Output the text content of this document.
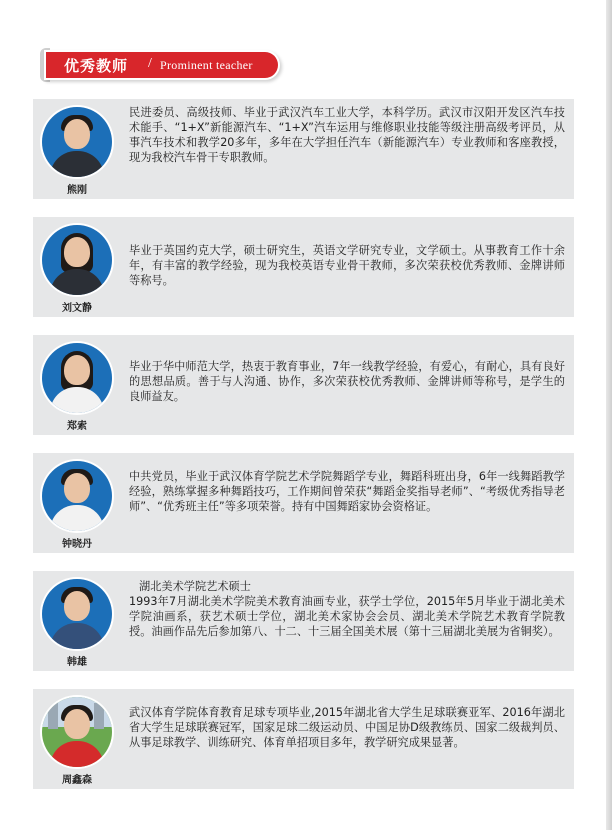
优秀教师 / Prominent teacher
熊刚
民进委员、高级技师、毕业于武汉汽车工业大学，本科学历。武汉市汉阳开发区汽车技术能手、“1+X”新能源汽车、“1+X”汽车运用与维修职业技能等级注册高级考评员，从事汽车技术和教学20多年，多年在大学担任汽车（新能源汽车）专业教师和客座教授，现为我校汽车骨干专职教师。
刘文静
毕业于英国约克大学，硕士研究生，英语文学研究专业，文学硕士。从事教育工作十余年，有丰富的教学经验，现为我校英语专业骨干教师，多次荣获校优秀教师、金牌讲师等称号。
郑索
毕业于华中师范大学，热衷于教育事业，7年一线教学经验，有爱心，有耐心，具有良好的思想品质。善于与人沟通、协作，多次荣获校优秀教师、金牌讲师等称号，是学生的良师益友。
钟晓丹
中共党员，毕业于武汉体育学院艺术学院舞蹈学专业，舞蹈科班出身，6年一线舞蹈教学经验，熟练掌握多种舞蹈技巧，工作期间曾荣获“舞蹈金奖指导老师”、“考级优秀指导老师”、“优秀班主任”等多项荣誉。持有中国舞蹈家协会资格证。
韩雄
湖北美术学院艺术硕士
1993年7月湖北美术学院美术教育油画专业，获学士学位，2015年5月毕业于湖北美术学院油画系，获艺术硕士学位，湖北美术家协会会员、湖北美术学院艺术教育学院教授。油画作品先后参加第八、十二、十三届全国美术展（第十三届湖北美展为省铜奖）。
周鑫森
武汉体育学院体育教育足球专项毕业,2015年湖北省大学生足球联赛亚军、2016年湖北省大学生足球联赛冠军，国家足球二级运动员、中国足协D级教练员、国家二级裁判员、从事足球教学、训练研究、体育单招项目多年，教学研究成果显著。
